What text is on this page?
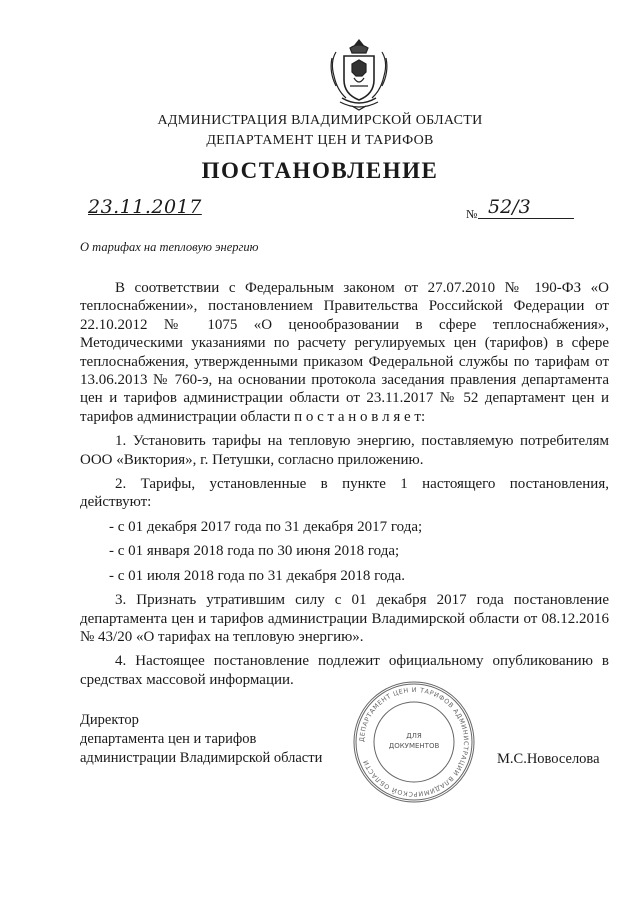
АДМИНИСТРАЦИЯ ВЛАДИМИРСКОЙ ОБЛАСТИ
ДЕПАРТАМЕНТ ЦЕН И ТАРИФОВ
ПОСТАНОВЛЕНИЕ
23.11.2017	№ 52/3
О тарифах на тепловую энергию

В соответствии с Федеральным законом от 27.07.2010 № 190-ФЗ «О теплоснабжении», постановлением Правительства Российской Федерации от 22.10.2012 № 1075 «О ценообразовании в сфере теплоснабжения», Методическими указаниями по расчету регулируемых цен (тарифов) в сфере теплоснабжения, утвержденными приказом Федеральной службы по тарифам от 13.06.2013 № 760-э, на основании протокола заседания правления департамента цен и тарифов администрации области от 23.11.2017 № 52 департамент цен и тарифов администрации области п о с т а н о в л я е т:

1. Установить тарифы на тепловую энергию, поставляемую потребителям ООО «Виктория», г. Петушки, согласно приложению.

2. Тарифы, установленные в пункте 1 настоящего постановления, действуют:

- с 01 декабря 2017 года по 31 декабря 2017 года;

- с 01 января 2018 года по 30 июня 2018 года;

- с 01 июля 2018 года по 31 декабря 2018 года.

3. Признать утратившим силу с 01 декабря 2017 года постановление департамента цен и тарифов администрации Владимирской области от 08.12.2016 № 43/20 «О тарифах на тепловую энергию».

4. Настоящее постановление подлежит официальному опубликованию в средствах массовой информации.

Директор
департамента цен и тарифов
администрации Владимирской области	М.С.Новоселова
ДЕПАРТАМЕНТ ЦЕН И ТАРИФОВ АДМИНИСТРАЦИИ ВЛАДИМИРСКОЙ ОБЛАСТИ
ДЛЯ
ДОКУМЕНТОВ
